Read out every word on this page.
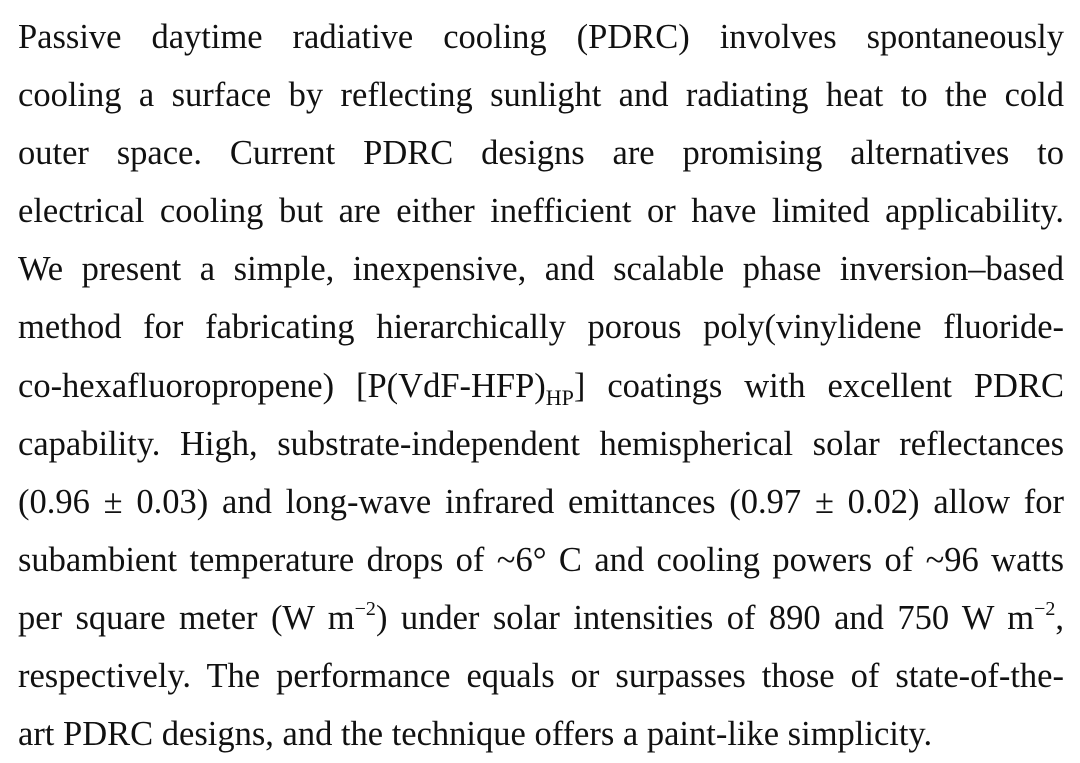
Passive daytime radiative cooling (PDRC) involves spontaneously
cooling a surface by reflecting sunlight and radiating heat to the cold
outer space. Current PDRC designs are promising alternatives to
electrical cooling but are either inefficient or have limited applicability.
We present a simple, inexpensive, and scalable phase inversion–based
method for fabricating hierarchically porous poly(vinylidene fluoride-
co-hexafluoropropene) $[P(VdF-HFP)_{HP}]$ coatings with excellent PDRC
capability. High, substrate-independent hemispherical solar reflectances
(0.96 ± 0.03) and long-wave infrared emittances (0.97 ± 0.02) allow for
subambient temperature drops of ~6° C and cooling powers of ~96 watts
per square meter (W $m^{-2}$) under solar intensities of 890 and 750 W $m^{-2}$,
respectively. The performance equals or surpasses those of state-of-the-
art PDRC designs, and the technique offers a paint-like simplicity.
